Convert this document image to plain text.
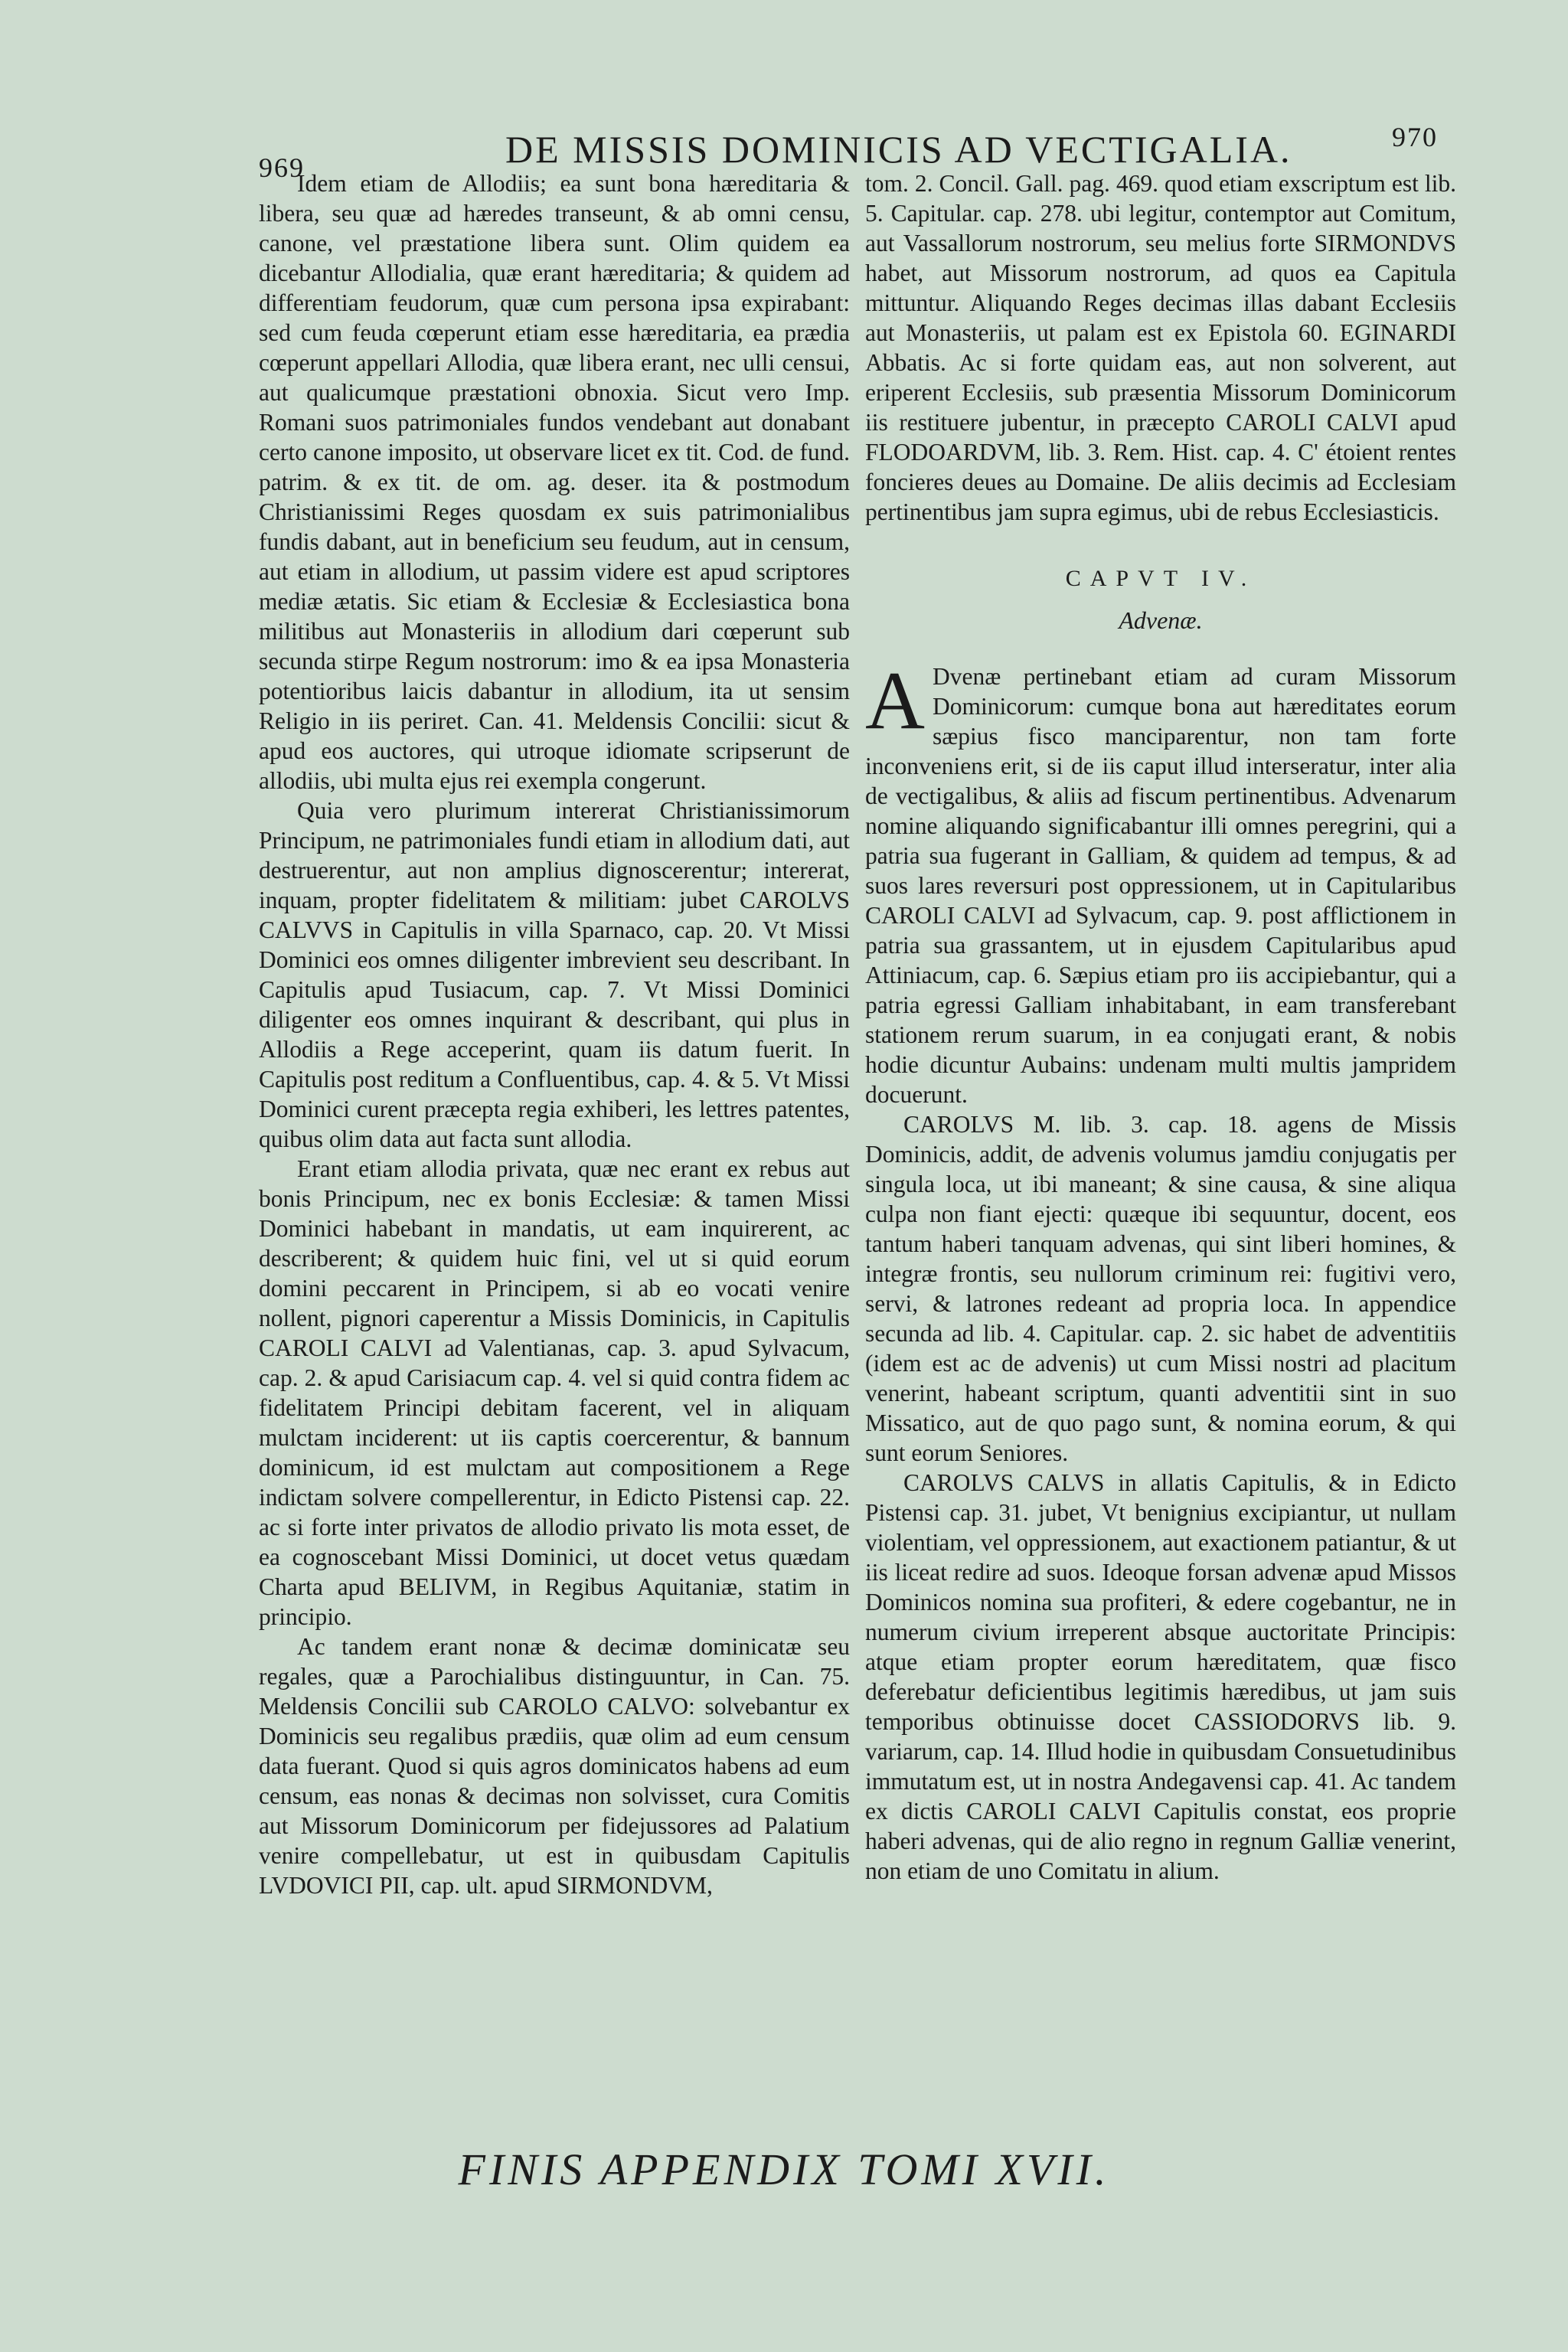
969	DE MISSIS DOMINICIS AD VECTIGALIA.	970

Idem etiam de Allodiis; ea sunt bona hæreditaria & libera, seu quæ ad hæredes transeunt, & ab omni censu, canone, vel præstatione libera sunt. Olim quidem ea dicebantur Allodialia, quæ erant hæreditaria; & quidem ad differentiam feudorum, quæ cum persona ipsa expirabant: sed cum feuda cœperunt etiam esse hæreditaria, ea prædia cœperunt appellari Allodia, quæ libera erant, nec ulli censui, aut qualicumque præstationi obnoxia. Sicut vero Imp. Romani suos patrimoniales fundos vendebant aut donabant certo canone imposito, ut observare licet ex tit. Cod. de fund. patrim. & ex tit. de om. ag. deser. ita & postmodum Christianissimi Reges quosdam ex suis patrimonialibus fundis dabant, aut in beneficium seu feudum, aut in censum, aut etiam in allodium, ut passim videre est apud scriptores mediæ ætatis. Sic etiam & Ecclesiæ & Ecclesiastica bona militibus aut Monasteriis in allodium dari cœperunt sub secunda stirpe Regum nostrorum: imo & ea ipsa Monasteria potentioribus laicis dabantur in allodium, ita ut sensim Religio in iis periret. Can. 41. Meldensis Concilii: sicut & apud eos auctores, qui utroque idiomate scripserunt de allodiis, ubi multa ejus rei exempla congerunt.

Quia vero plurimum intererat Christianissimorum Principum, ne patrimoniales fundi etiam in allodium dati, aut destruerentur, aut non amplius dignoscerentur; intererat, inquam, propter fidelitatem & militiam: jubet CAROLVS CALVVS in Capitulis in villa Sparnaco, cap. 20. Vt Missi Dominici eos omnes diligenter imbrevient seu describant. In Capitulis apud Tusiacum, cap. 7. Vt Missi Dominici diligenter eos omnes inquirant & describant, qui plus in Allodiis a Rege acceperint, quam iis datum fuerit. In Capitulis post reditum a Confluentibus, cap. 4. & 5. Vt Missi Dominici curent præcepta regia exhiberi, les lettres patentes, quibus olim data aut facta sunt allodia.

Erant etiam allodia privata, quæ nec erant ex rebus aut bonis Principum, nec ex bonis Ecclesiæ: & tamen Missi Dominici habebant in mandatis, ut eam inquirerent, ac describerent; & quidem huic fini, vel ut si quid eorum domini peccarent in Principem, si ab eo vocati venire nollent, pignori caperentur a Missis Dominicis, in Capitulis CAROLI CALVI ad Valentianas, cap. 3. apud Sylvacum, cap. 2. & apud Carisiacum cap. 4. vel si quid contra fidem ac fidelitatem Principi debitam facerent, vel in aliquam mulctam inciderent: ut iis captis coercerentur, & bannum dominicum, id est mulctam aut compositionem a Rege indictam solvere compellerentur, in Edicto Pistensi cap. 22. ac si forte inter privatos de allodio privato lis mota esset, de ea cognoscebant Missi Dominici, ut docet vetus quædam Charta apud BELIVM, in Regibus Aquitaniæ, statim in principio.

Ac tandem erant nonæ & decimæ dominicatæ seu regales, quæ a Parochialibus distinguuntur, in Can. 75. Meldensis Concilii sub CAROLO CALVO: solvebantur ex Dominicis seu regalibus prædiis, quæ olim ad eum censum data fuerant. Quod si quis agros dominicatos habens ad eum censum, eas nonas & decimas non solvisset, cura Comitis aut Missorum Dominicorum per fidejussores ad Palatium venire compellebatur, ut est in quibusdam Capitulis LVDOVICI PII, cap. ult. apud SIRMONDVM,

tom. 2. Concil. Gall. pag. 469. quod etiam exscriptum est lib. 5. Capitular. cap. 278. ubi legitur, contemptor aut Comitum, aut Vassallorum nostrorum, seu melius forte SIRMONDVS habet, aut Missorum nostrorum, ad quos ea Capitula mittuntur. Aliquando Reges decimas illas dabant Ecclesiis aut Monasteriis, ut palam est ex Epistola 60. EGINARDI Abbatis. Ac si forte quidam eas, aut non solverent, aut eriperent Ecclesiis, sub præsentia Missorum Dominicorum iis restituere jubentur, in præcepto CAROLI CALVI apud FLODOARDVM, lib. 3. Rem. Hist. cap. 4. C' étoient rentes foncieres deues au Domaine. De aliis decimis ad Ecclesiam pertinentibus jam supra egimus, ubi de rebus Ecclesiasticis.

CAPVT IV.
Advenæ.

A Dvenæ pertinebant etiam ad curam Missorum Dominicorum: cumque bona aut hæreditates eorum sæpius fisco manciparentur, non tam forte inconveniens erit, si de iis caput illud interseratur, inter alia de vectigalibus, & aliis ad fiscum pertinentibus. Advenarum nomine aliquando significabantur illi omnes peregrini, qui a patria sua fugerant in Galliam, & quidem ad tempus, & ad suos lares reversuri post oppressionem, ut in Capitularibus CAROLI CALVI ad Sylvacum, cap. 9. post afflictionem in patria sua grassantem, ut in ejusdem Capitularibus apud Attiniacum, cap. 6. Sæpius etiam pro iis accipiebantur, qui a patria egressi Galliam inhabitabant, in eam transferebant stationem rerum suarum, in ea conjugati erant, & nobis hodie dicuntur Aubains: undenam multi multis jampridem docuerunt.

CAROLVS M. lib. 3. cap. 18. agens de Missis Dominicis, addit, de advenis volumus jamdiu conjugatis per singula loca, ut ibi maneant; & sine causa, & sine aliqua culpa non fiant ejecti: quæque ibi sequuntur, docent, eos tantum haberi tanquam advenas, qui sint liberi homines, & integræ frontis, seu nullorum criminum rei: fugitivi vero, servi, & latrones redeant ad propria loca. In appendice secunda ad lib. 4. Capitular. cap. 2. sic habet de adventitiis (idem est ac de advenis) ut cum Missi nostri ad placitum venerint, habeant scriptum, quanti adventitii sint in suo Missatico, aut de quo pago sunt, & nomina eorum, & qui sunt eorum Seniores.

CAROLVS CALVS in allatis Capitulis, & in Edicto Pistensi cap. 31. jubet, Vt benignius excipiantur, ut nullam violentiam, vel oppressionem, aut exactionem patiantur, & ut iis liceat redire ad suos. Ideoque forsan advenæ apud Missos Dominicos nomina sua profiteri, & edere cogebantur, ne in numerum civium irreperent absque auctoritate Principis: atque etiam propter eorum hæreditatem, quæ fisco deferebatur deficientibus legitimis hæredibus, ut jam suis temporibus obtinuisse docet CASSIODORVS lib. 9. variarum, cap. 14. Illud hodie in quibusdam Consuetudinibus immutatum est, ut in nostra Andegavensi cap. 41. Ac tandem ex dictis CAROLI CALVI Capitulis constat, eos proprie haberi advenas, qui de alio regno in regnum Galliæ venerint, non etiam de uno Comitatu in alium.

FINIS APPENDIX TOMI XVII.
